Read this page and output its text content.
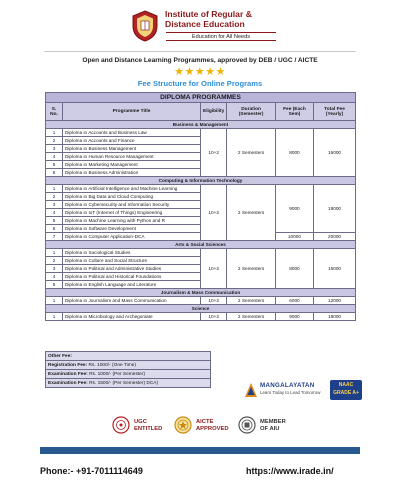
Institute of Regular & Distance Education
Education for All Needs
Open and Distance Learning Programmes, approved by DEB / UGC / AICTE
★★★★★
Fee Structure for Online Programs
DIPLOMA PROGRAMMES					
S. No.	Programme Title	Eligibility	Duration (Semester)	Fee (Each Sem)	Total Fee (Yearly)
Business & Management					
1	Diploma in Accounts and Business Law	10+2	2 Semesters	8000	16000
2	Diploma in Accounts and Finance				
3	Diploma in Business Management				
4	Diploma in Human Resource Management				
5	Diploma in Marketing Management				
6	Diploma in Business Administration				
Computing & Information Technology					
1	Diploma in Artificial Intelligence and Machine Learning	10+2	2 Semesters	9000	18000
2	Diploma in Big Data and Cloud Computing				
3	Diploma in Cybersecurity and Information Security				
4	Diploma in IoT (Internet of Things) Engineering				
5	Diploma in Machine Learning with Python and R				
6	Diploma in Software Development				
7	Diploma in Computer Application-DCA			10000	20000
Arts & Social Sciences					
1	Diploma in Sociological Studies	10+2	2 Semesters	8000	16000
2	Diploma in Culture and Social Structure				
3	Diploma in Political and Administrative Studies				
4	Diploma in Political and Historical Foundations				
5	Diploma in English Language and Literature				
Journalism & Mass Communication					
1	Diploma in Journalism and Mass Communication	10+2	2 Semesters	6000	12000
Science					
1	Diploma in Microbiology and Archegoniate	10+2	2 Semesters	9000	18000
Other Fee:
Registration Fee: Rs. 1000/- (One Time)
Examination Fee: Rs. 1000/- (Per Semester)
Examination Fee: Rs. 1500/- (Per Semester) DCA)	MANGALAYATAN
Learn Today to Lead Tomorrow
NAAC
GRADE A+
UGC
ENTITLED
AICTE
APPROVED
MEMBER
OF AIU
Phone:- +91-7011114649	https://www.irade.in/
